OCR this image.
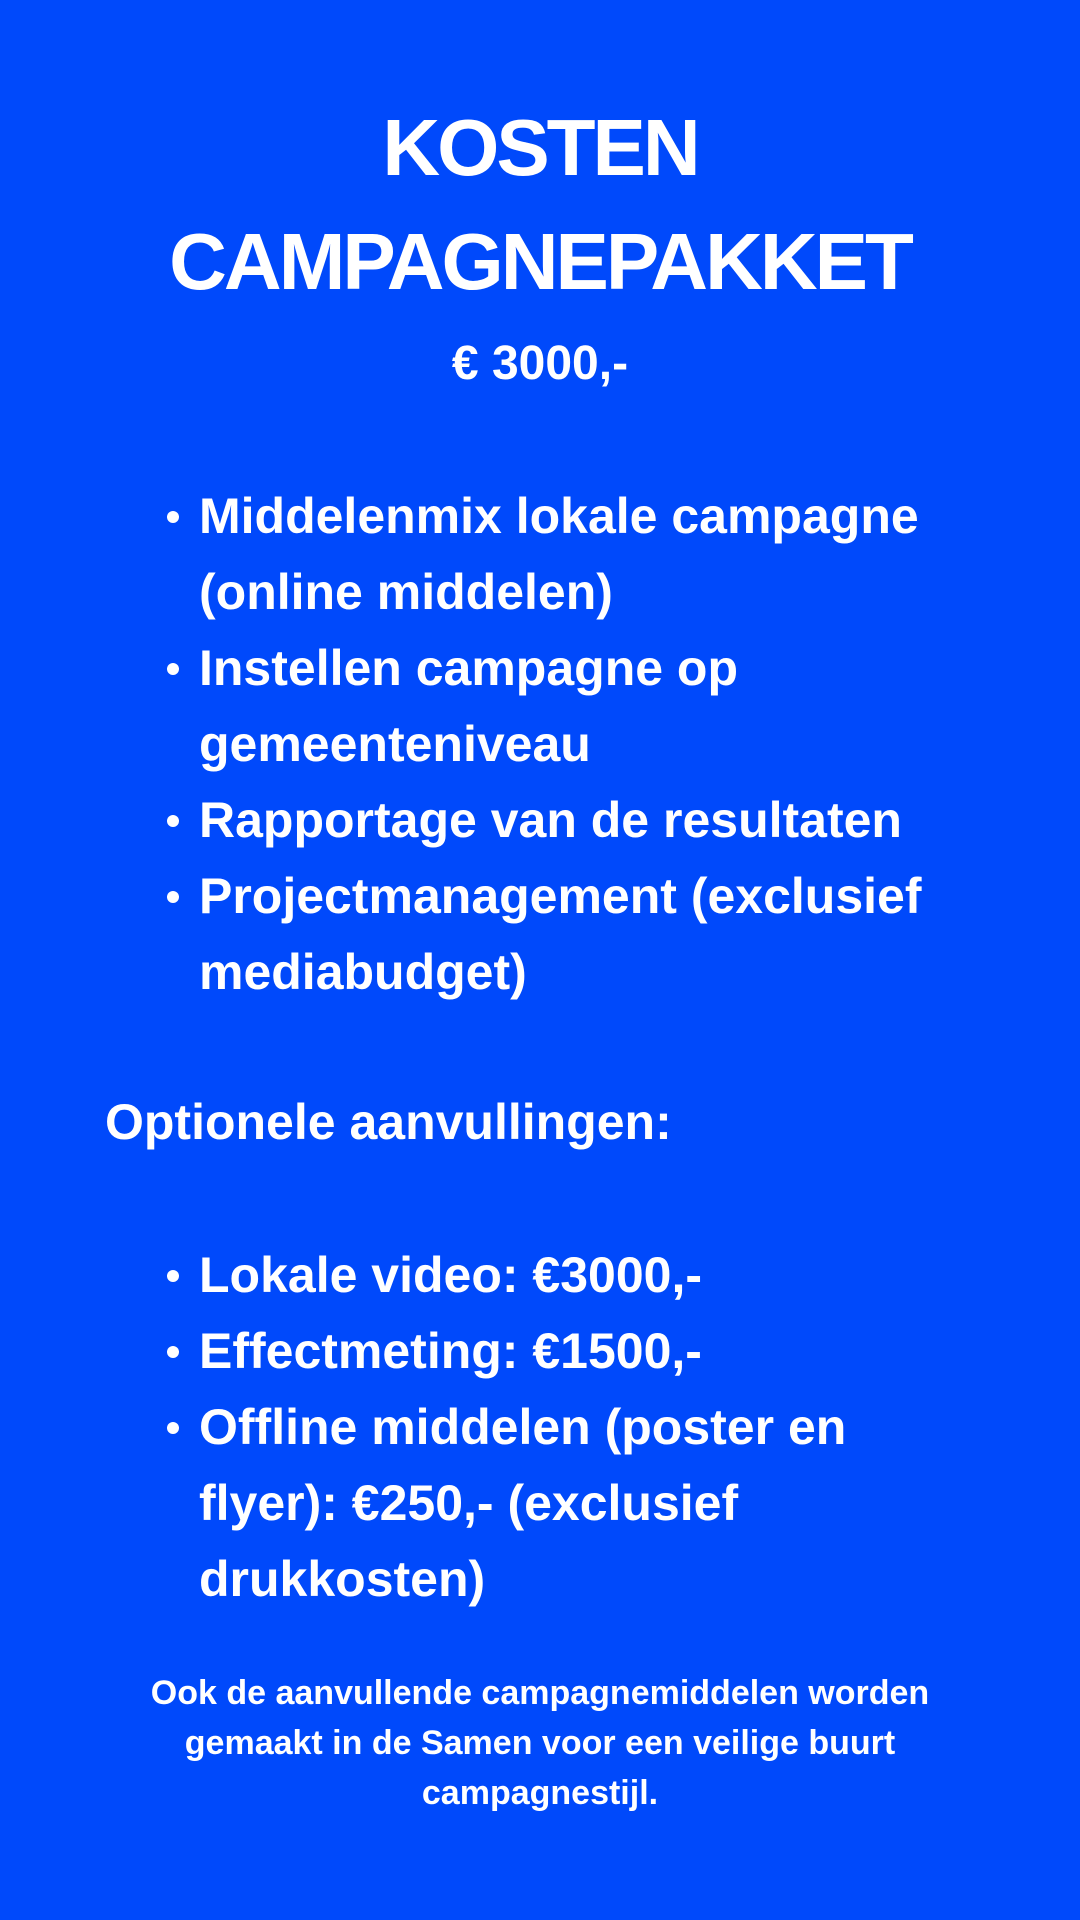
KOSTEN
CAMPAGNEPAKKET
€ 3000,-
Middelenmix lokale campagne (online middelen)
Instellen campagne op gemeenteniveau
Rapportage van de resultaten
Projectmanagement (exclusief mediabudget)
Optionele aanvullingen:
Lokale video: €3000,-
Effectmeting: €1500,-
Offline middelen (poster en flyer): €250,- (exclusief drukkosten)
Ook de aanvullende campagnemiddelen worden gemaakt in de Samen voor een veilige buurt campagnestijl.
